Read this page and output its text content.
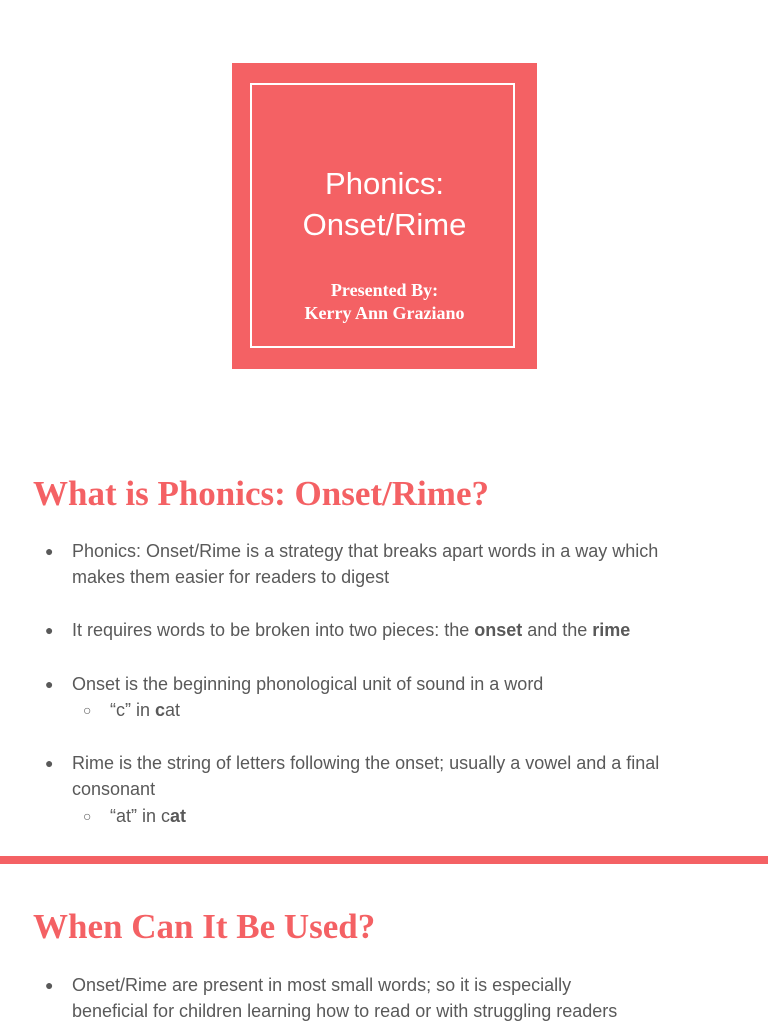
Phonics:
Onset/Rime
Presented By:
Kerry Ann Graziano
What is Phonics: Onset/Rime?
● Phonics: Onset/Rime is a strategy that breaks apart words in a way which
makes them easier for readers to digest
● It requires words to be broken into two pieces: the onset and the rime
● Onset is the beginning phonological unit of sound in a word
○ “c” in cat
● Rime is the string of letters following the onset; usually a vowel and a final
consonant
○ “at” in cat
When Can It Be Used?
● Onset/Rime are present in most small words; so it is especially
beneficial for children learning how to read or with struggling readers
